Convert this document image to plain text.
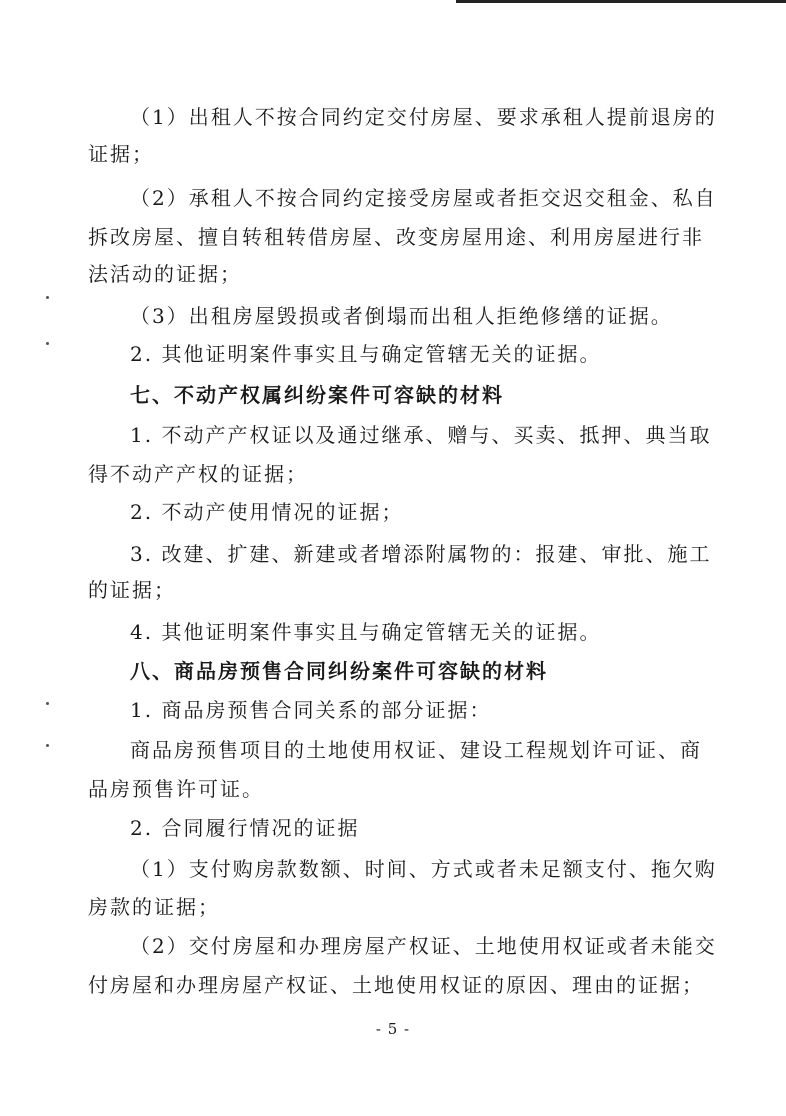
（1）出租人不按合同约定交付房屋、要求承租人提前退房的
证据；
（2）承租人不按合同约定接受房屋或者拒交迟交租金、私自
拆改房屋、擅自转租转借房屋、改变房屋用途、利用房屋进行非
法活动的证据；
（3）出租房屋毁损或者倒塌而出租人拒绝修缮的证据。
2. 其他证明案件事实且与确定管辖无关的证据。
七、不动产权属纠纷案件可容缺的材料
1. 不动产产权证以及通过继承、赠与、买卖、抵押、典当取
得不动产产权的证据；
2. 不动产使用情况的证据；
3. 改建、扩建、新建或者增添附属物的：报建、审批、施工
的证据；
4. 其他证明案件事实且与确定管辖无关的证据。
八、商品房预售合同纠纷案件可容缺的材料
1. 商品房预售合同关系的部分证据：
商品房预售项目的土地使用权证、建设工程规划许可证、商
品房预售许可证。
2. 合同履行情况的证据
（1）支付购房款数额、时间、方式或者未足额支付、拖欠购
房款的证据；
（2）交付房屋和办理房屋产权证、土地使用权证或者未能交
付房屋和办理房屋产权证、土地使用权证的原因、理由的证据；
- 5 -
